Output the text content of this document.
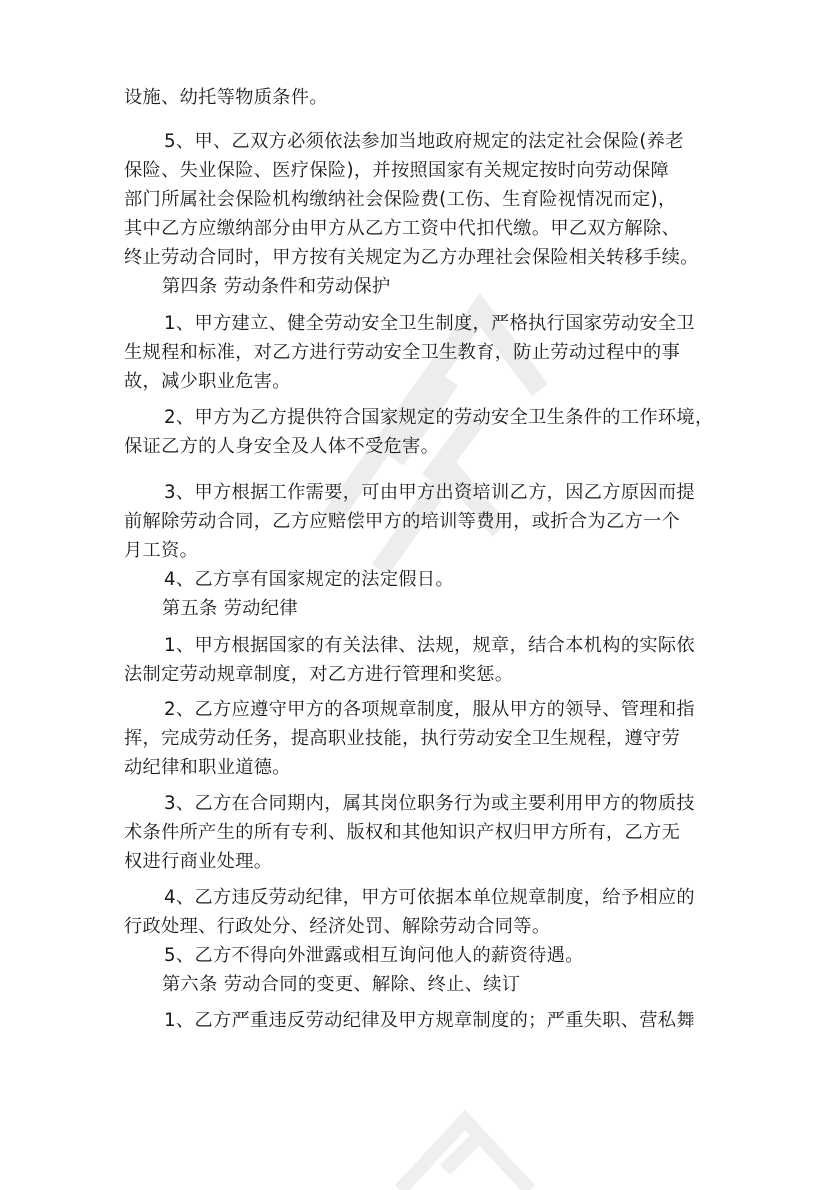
设施、幼托等物质条件。
5、甲、乙双方必须依法参加当地政府规定的法定社会保险(养老
保险、失业保险、医疗保险)，并按照国家有关规定按时向劳动保障
部门所属社会保险机构缴纳社会保险费(工伤、生育险视情况而定)，
其中乙方应缴纳部分由甲方从乙方工资中代扣代缴。甲乙双方解除、
终止劳动合同时，甲方按有关规定为乙方办理社会保险相关转移手续。
第四条 劳动条件和劳动保护
1、甲方建立、健全劳动安全卫生制度，严格执行国家劳动安全卫
生规程和标准，对乙方进行劳动安全卫生教育，防止劳动过程中的事
故，减少职业危害。
2、甲方为乙方提供符合国家规定的劳动安全卫生条件的工作环境，
保证乙方的人身安全及人体不受危害。
3、甲方根据工作需要，可由甲方出资培训乙方，因乙方原因而提
前解除劳动合同，乙方应赔偿甲方的培训等费用，或折合为乙方一个
月工资。
4、乙方享有国家规定的法定假日。
第五条 劳动纪律
1、甲方根据国家的有关法律、法规，规章，结合本机构的实际依
法制定劳动规章制度，对乙方进行管理和奖惩。
2、乙方应遵守甲方的各项规章制度，服从甲方的领导、管理和指
挥，完成劳动任务，提高职业技能，执行劳动安全卫生规程，遵守劳
动纪律和职业道德。
3、乙方在合同期内，属其岗位职务行为或主要利用甲方的物质技
术条件所产生的所有专利、版权和其他知识产权归甲方所有，乙方无
权进行商业处理。
4、乙方违反劳动纪律，甲方可依据本单位规章制度，给予相应的
行政处理、行政处分、经济处罚、解除劳动合同等。
5、乙方不得向外泄露或相互询问他人的薪资待遇。
第六条 劳动合同的变更、解除、终止、续订
1、乙方严重违反劳动纪律及甲方规章制度的；严重失职、营私舞
